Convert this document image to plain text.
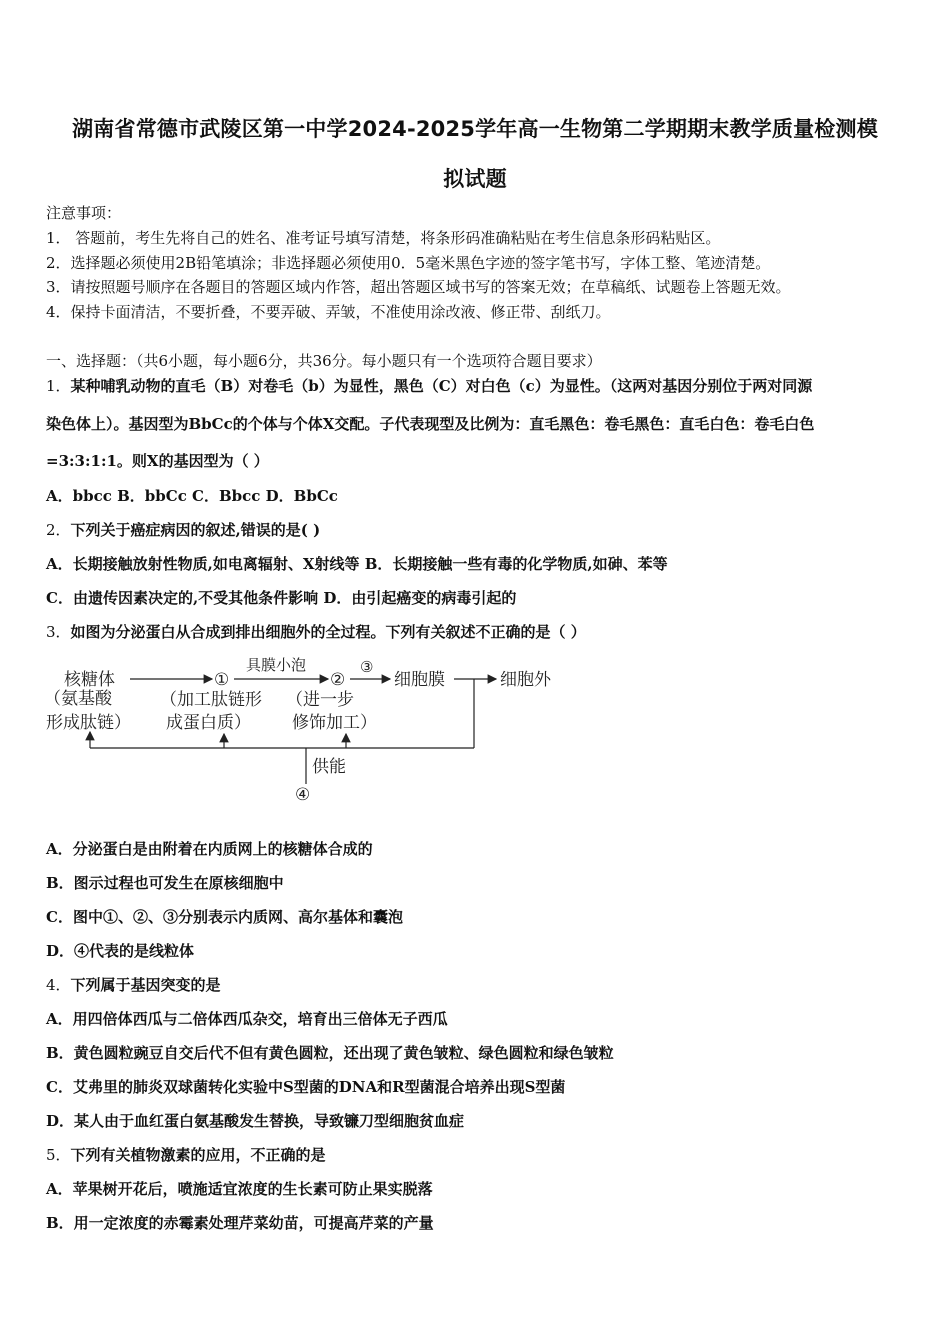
湖南省常德市武陵区第一中学2024-2025学年高一生物第二学期期末教学质量检测模
拟试题
注意事项：
1． 答题前，考生先将自己的姓名、准考证号填写清楚，将条形码准确粘贴在考生信息条形码粘贴区。
2．选择题必须使用2B铅笔填涂；非选择题必须使用0．5毫米黑色字迹的签字笔书写，字体工整、笔迹清楚。
3．请按照题号顺序在各题目的答题区域内作答，超出答题区域书写的答案无效；在草稿纸、试题卷上答题无效。
4．保持卡面清洁，不要折叠，不要弄破、弄皱，不准使用涂改液、修正带、刮纸刀。
一、选择题：（共6小题，每小题6分，共36分。每小题只有一个选项符合题目要求）
1．某种哺乳动物的直毛（B）对卷毛（b）为显性，黑色（C）对白色（c）为显性。（这两对基因分别位于两对同源
染色体上）。基因型为BbCc的个体与个体X交配。子代表现型及比例为：直毛黑色：卷毛黑色：直毛白色：卷毛白色
=3:3:1:1。则X的基因型为（ ）
A．bbcc B．bbCc C．Bbcc D．BbCc
2．下列关于癌症病因的叙述,错误的是( )
A．长期接触放射性物质,如电离辐射、X射线等 B．长期接触一些有毒的化学物质,如砷、苯等
C．由遗传因素决定的,不受其他条件影响 D．由引起癌变的病毒引起的
3．如图为分泌蛋白从合成到排出细胞外的全过程。下列有关叙述不正确的是（ ）
核糖体
（氨基酸
形成肽链）
①
具膜小泡
（加工肽链形
成蛋白质）
②
③
（进一步
修饰加工）
细胞膜	细胞外
供能
④
A．分泌蛋白是由附着在内质网上的核糖体合成的
B．图示过程也可发生在原核细胞中
C．图中①、②、③分别表示内质网、高尔基体和囊泡
D．④代表的是线粒体
4．下列属于基因突变的是
A．用四倍体西瓜与二倍体西瓜杂交，培育出三倍体无子西瓜
B．黄色圆粒豌豆自交后代不但有黄色圆粒，还出现了黄色皱粒、绿色圆粒和绿色皱粒
C．艾弗里的肺炎双球菌转化实验中S型菌的DNA和R型菌混合培养出现S型菌
D．某人由于血红蛋白氨基酸发生替换，导致镰刀型细胞贫血症
5．下列有关植物激素的应用，不正确的是
A．苹果树开花后，喷施适宜浓度的生长素可防止果实脱落
B．用一定浓度的赤霉素处理芹菜幼苗，可提高芹菜的产量
